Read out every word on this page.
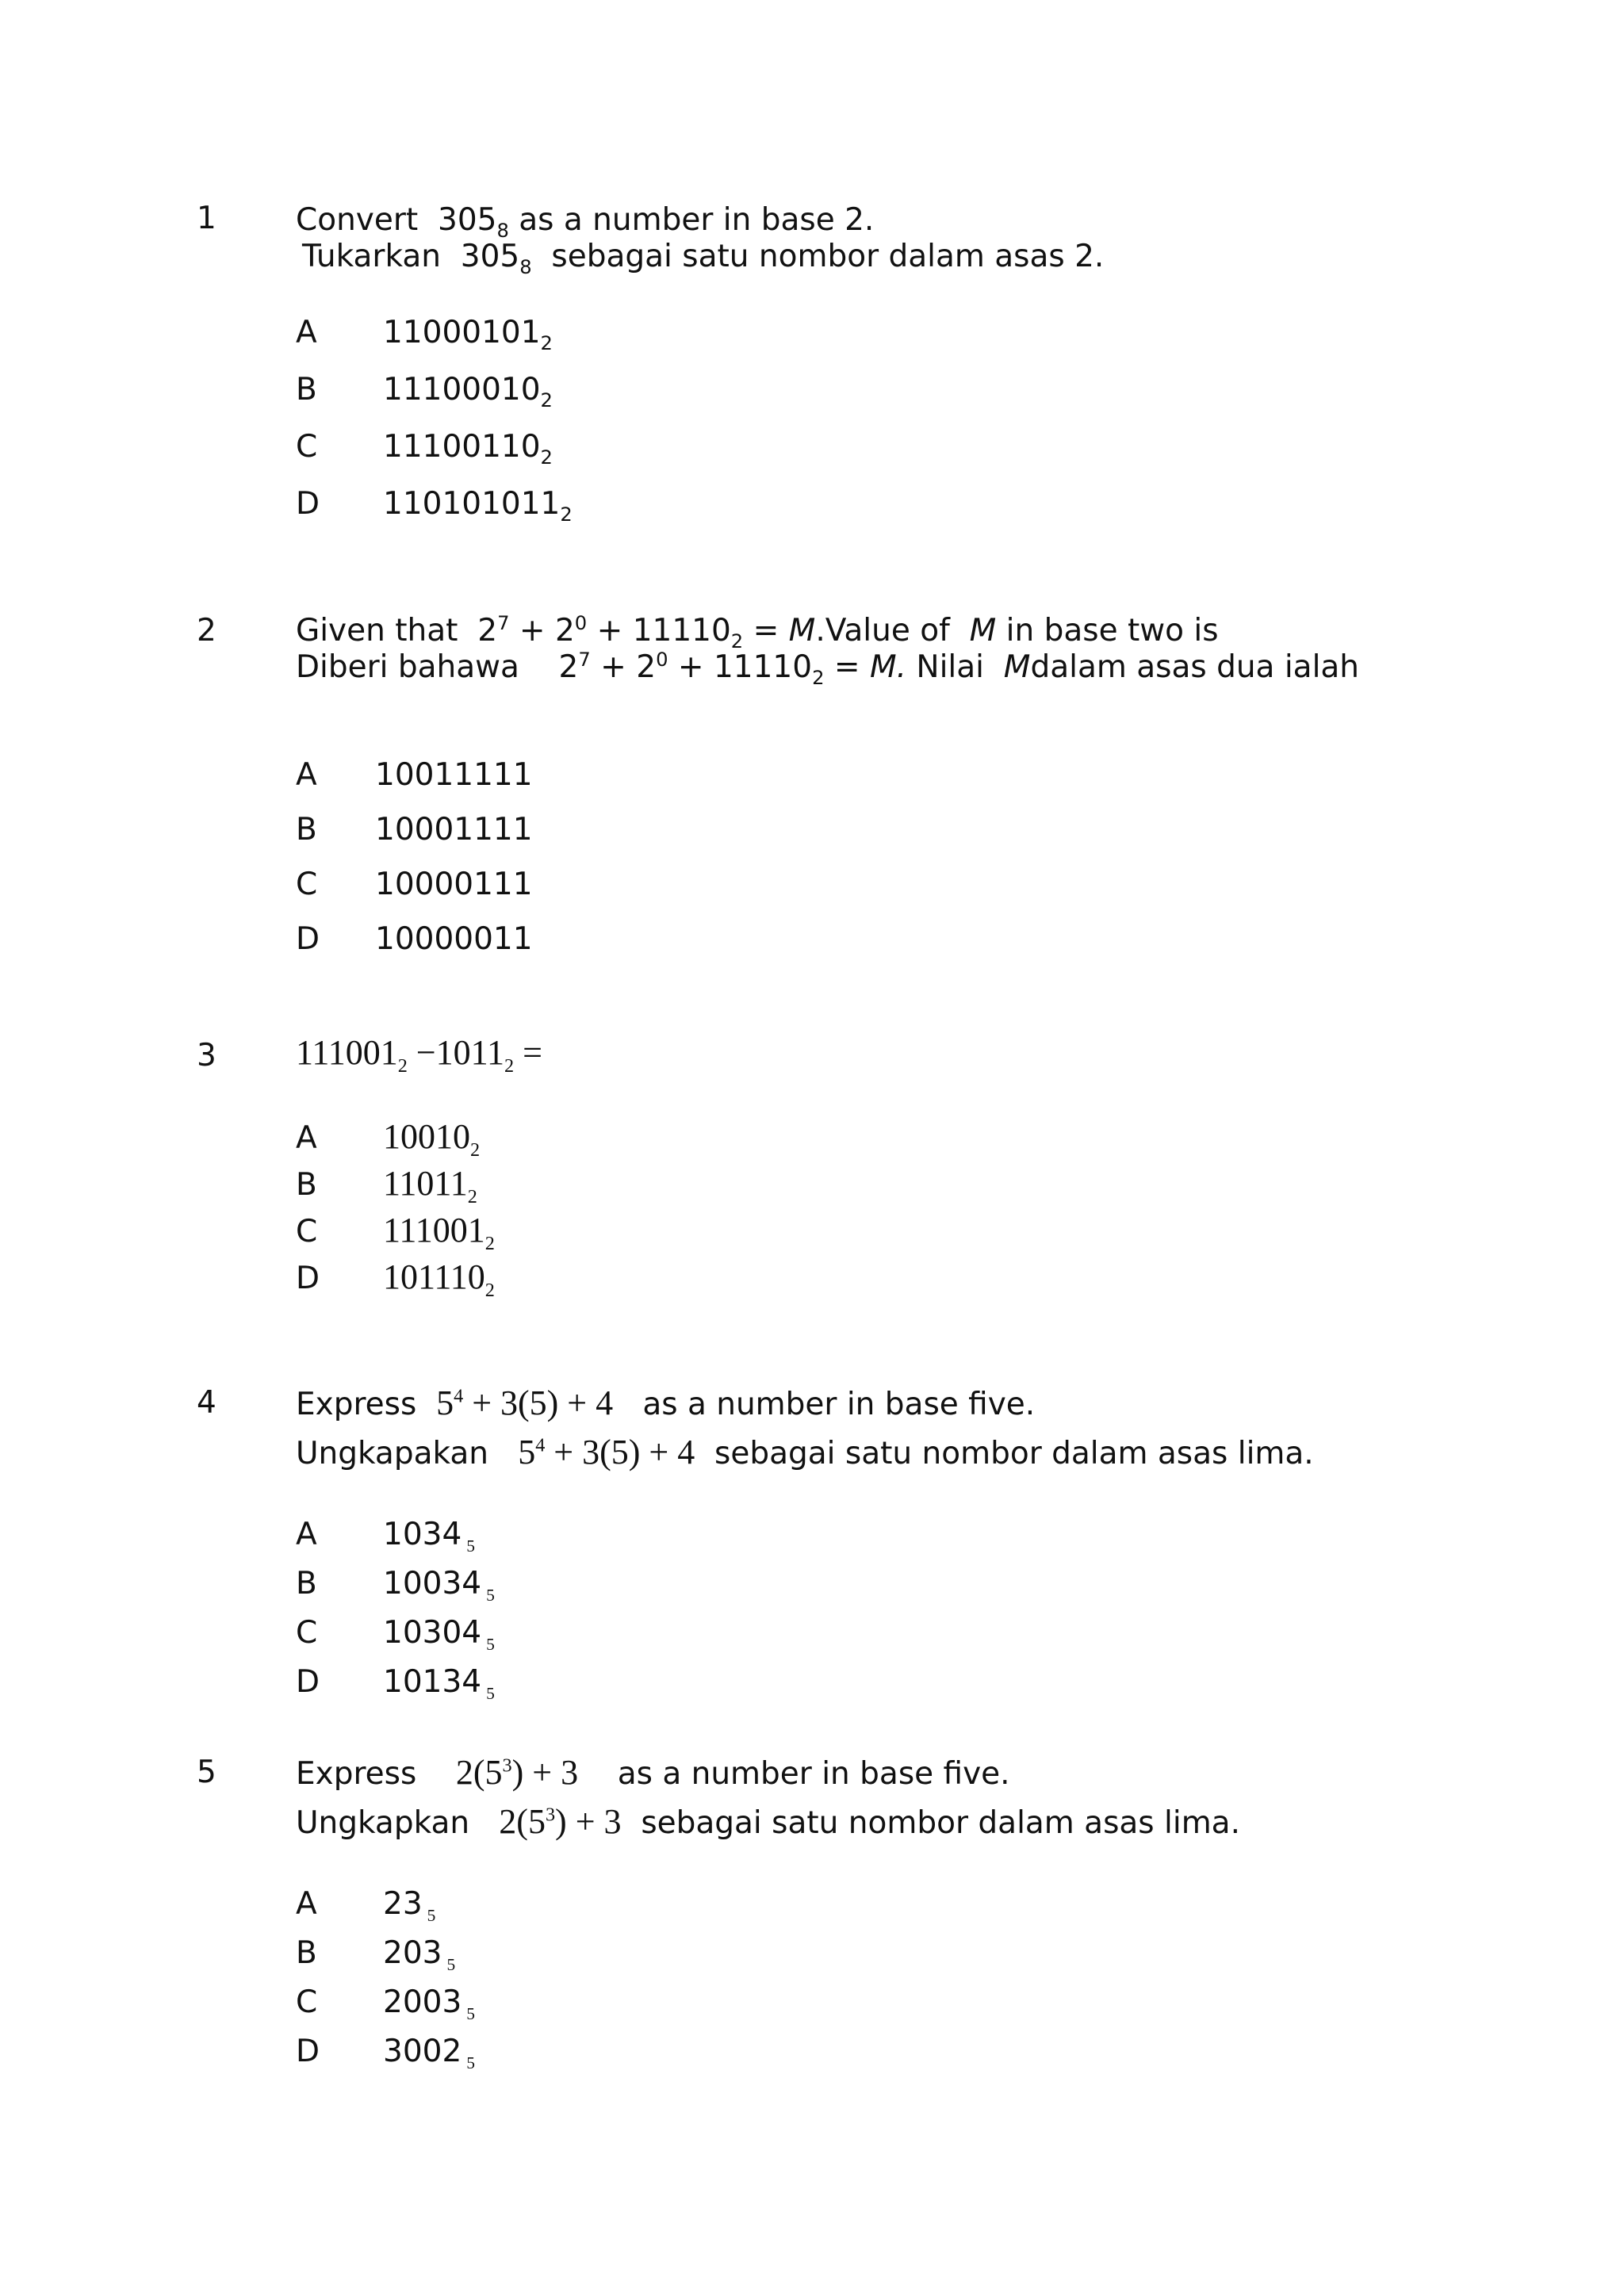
1	Convert $305_8$ as a number in base 2.
Tukarkan $305_8$ sebagai satu nombor dalam asas 2.
A $11000101_2$
B $11100010_2$
C $11100110_2$
D $110101011_2$
2	Given that $2^7 + 2^0 + 11110_2$ = M.Value of M in base two is
Diberi bahawa $2^7 + 2^0 + 11110_2 = M$. Nilai Mdalam asas dua ialah
A 10011111
B 10001111
C 10000111
D 10000011
3 $111001_2 -1011_2$ =
A $10010_2$
B $11011_2$
C $111001_2$
D $101110_2$
4	Express $5^4 + 3(5) + 4$ as a number in base five.
Ungkapakan $5^4 + 3(5) + 4$ sebagai satu nombor dalam asas lima.
A 1034 $_5$
B 10034 $_5$
C 10304 $_5$
D 10134 $_5$
5	Express $2(5^3) + 3$ as a number in base five.
Ungkapkan $2(5^3) + 3$ sebagai satu nombor dalam asas lima.
A 23 $_5$
B 203 $_5$
C 2003 $_5$
D 3002 $_5$
